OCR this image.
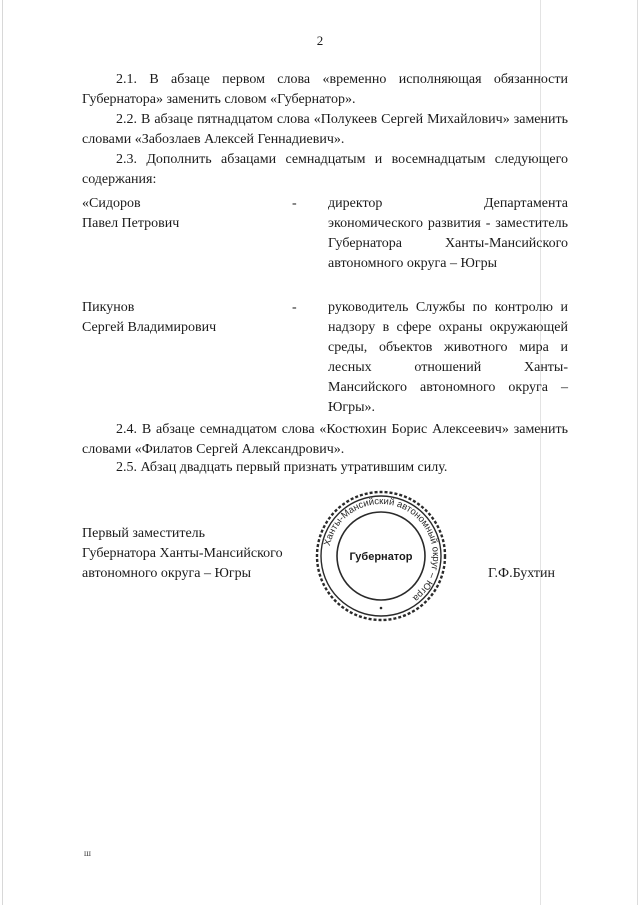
2
2.1. В абзаце первом слова «временно исполняющая обязанности Губернатора» заменить словом «Губернатор».
2.2. В абзаце пятнадцатом слова «Полукеев Сергей Михайлович» заменить словами «Забозлаев Алексей Геннадиевич».
2.3. Дополнить абзацами семнадцатым и восемнадцатым следующего содержания:
«Сидоров
Павел Петрович
- директор Департамента экономического развития - заместитель Губернатора Ханты-Мансийского автономного округа – Югры
Пикунов
Сергей Владимирович
- руководитель Службы по контролю и надзору в сфере охраны окружающей среды, объектов животного мира и лесных отношений Ханты-Мансийского автономного округа – Югры».
2.4. В абзаце семнадцатом слова «Костюхин Борис Алексеевич» заменить словами «Филатов Сергей Александрович».
2.5. Абзац двадцать первый признать утратившим силу.
Первый заместитель
Губернатора Ханты-Мансийского
автономного округа – Югры
Ханты-Мансийский автономный округ – Югра
Губернатор
Г.Ф.Бухтин
ш
